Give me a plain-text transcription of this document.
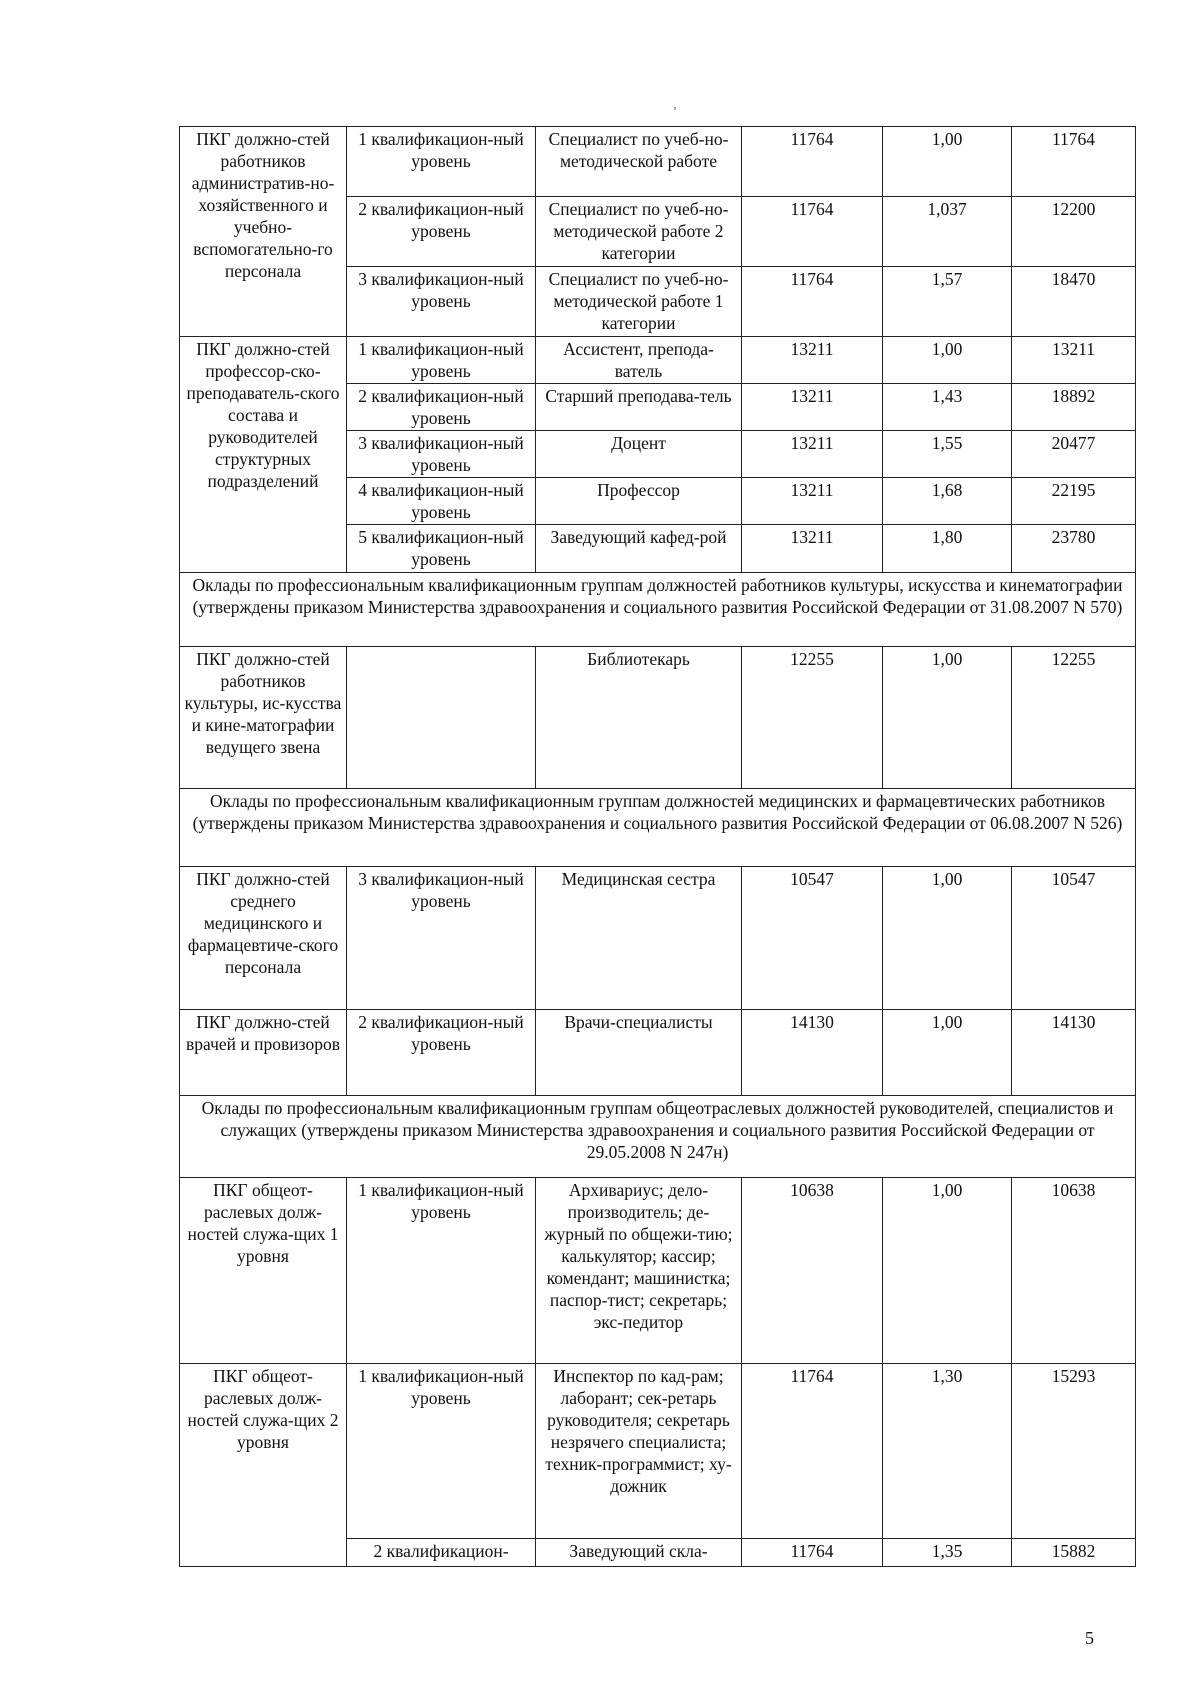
ʼ
ПКГ должно-стей работников административ-но-хозяйственного и учебно-вспомогательно-го персонала	1 квалификацион-ный уровень	Специалист по учеб-но-методической работе	11764	1,00	11764
	2 квалификацион-ный уровень	Специалист по учеб-но-методической работе 2 категории	11764	1,037	12200
	3 квалификацион-ный уровень	Специалист по учеб-но-методической работе 1 категории	11764	1,57	18470
ПКГ должно-стей профессор-ско-преподаватель-ского состава и руководителей структурных подразделений	1 квалификацион-ный уровень	Ассистент, препода-ватель	13211	1,00	13211
	2 квалификацион-ный уровень	Старший преподава-тель	13211	1,43	18892
	3 квалификацион-ный уровень	Доцент	13211	1,55	20477
	4 квалификацион-ный уровень	Профессор	13211	1,68	22195
	5 квалификацион-ный уровень	Заведующий кафед-рой	13211	1,80	23780
Оклады по профессиональным квалификационным группам должностей работников культуры, искусства и кинематографии (утверждены приказом Министерства здравоохранения и социального развития Российской Федерации от 31.08.2007 N 570)					
ПКГ должно-стей работников культуры, ис-кусства и кине-матографии ведущего звена		Библиотекарь	12255	1,00	12255
Оклады по профессиональным квалификационным группам должностей медицинских и фармацевтических работников (утверждены приказом Министерства здравоохранения и социального развития Российской Федерации от 06.08.2007 N 526)					
ПКГ должно-стей среднего медицинского и фармацевтиче-ского персонала	3 квалификацион-ный уровень	Медицинская сестра	10547	1,00	10547
ПКГ должно-стей врачей и провизоров	2 квалификацион-ный уровень	Врачи-специалисты	14130	1,00	14130
Оклады по профессиональным квалификационным группам общеотраслевых должностей руководителей, специалистов и служащих (утверждены приказом Министерства здравоохранения и социального развития Российской Федерации от 29.05.2008 N 247н)					
ПКГ общеот-раслевых долж-ностей служа-щих 1 уровня	1 квалификацион-ный уровень	Архивариус; дело-производитель; де-журный по общежи-тию; калькулятор; кассир; комендант; машинистка; паспор-тист; секретарь; экс-педитор	10638	1,00	10638
ПКГ общеот-раслевых долж-ностей служа-щих 2 уровня	1 квалификацион-ный уровень	Инспектор по кад-рам; лаборант; сек-ретарь руководителя; секретарь незрячего специалиста; техник-программист; ху-дожник	11764	1,30	15293
	2 квалификацион-	Заведующий скла-	11764	1,35	15882
5
